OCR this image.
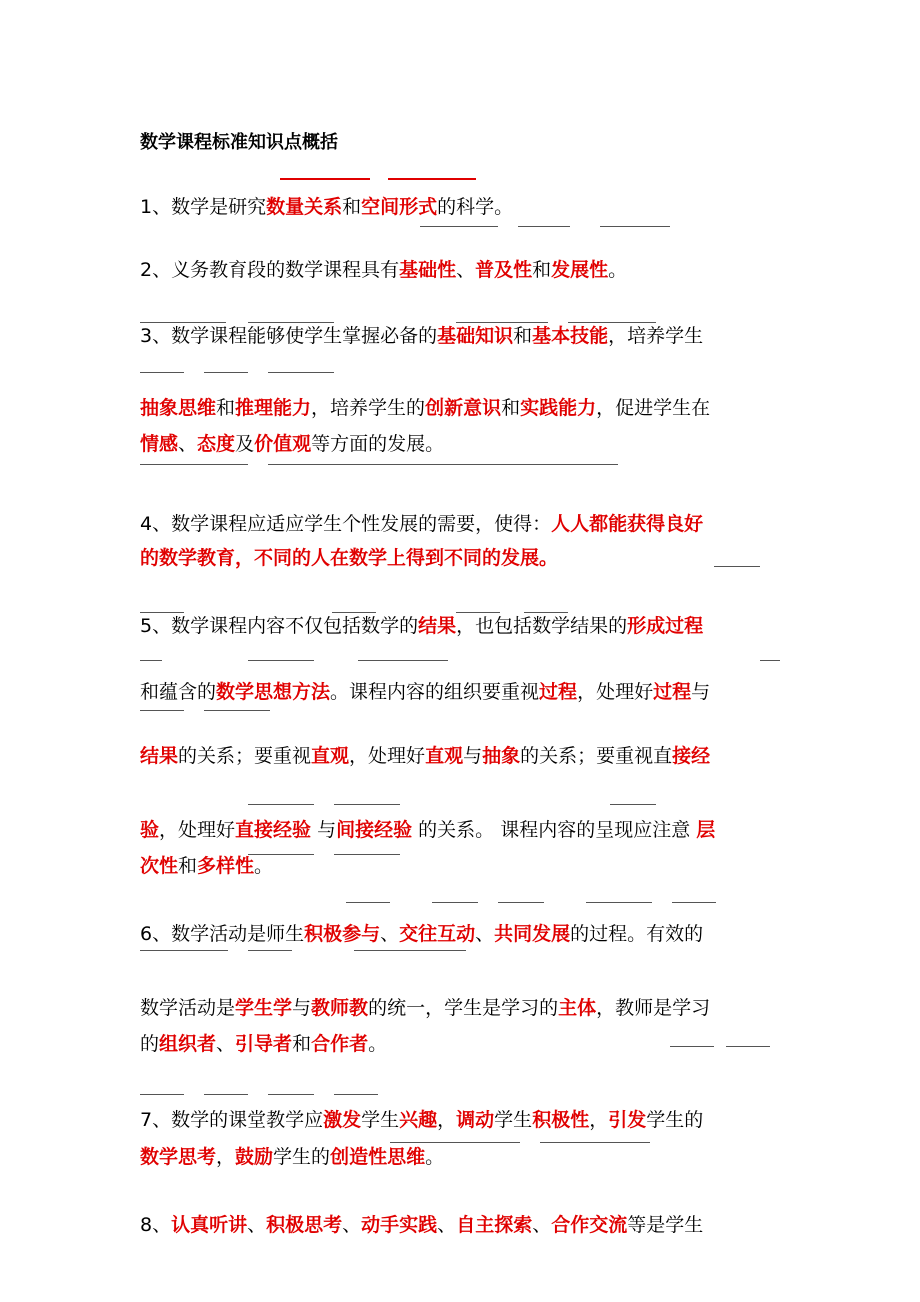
数学课程标准知识点概括
1、数学是研究数量关系和空间形式的科学。
2、义务教育段的数学课程具有基础性、普及性和发展性。
3、数学课程能够使学生掌握必备的基础知识和基本技能，培养学生
抽象思维和推理能力，培养学生的创新意识和实践能力，促进学生在
情感、态度及价值观等方面的发展。
4、数学课程应适应学生个性发展的需要，使得：人人都能获得良好
的数学教育，不同的人在数学上得到不同的发展。
5、数学课程内容不仅包括数学的结果，也包括数学结果的形成过程
和蕴含的数学思想方法。课程内容的组织要重视过程，处理好过程与
结果的关系；要重视直观，处理好直观与抽象的关系；要重视直接经
验，处理好直接经验 与间接经验 的关系。 课程内容的呈现应注意 层
次性和多样性。
6、数学活动是师生积极参与、交往互动、共同发展的过程。有效的
数学活动是学生学与教师教的统一，学生是学习的主体，教师是学习
的组织者、引导者和合作者。
7、数学的课堂教学应激发学生兴趣，调动学生积极性，引发学生的
数学思考，鼓励学生的创造性思维。
8、认真听讲、积极思考、动手实践、自主探索、合作交流等是学生
